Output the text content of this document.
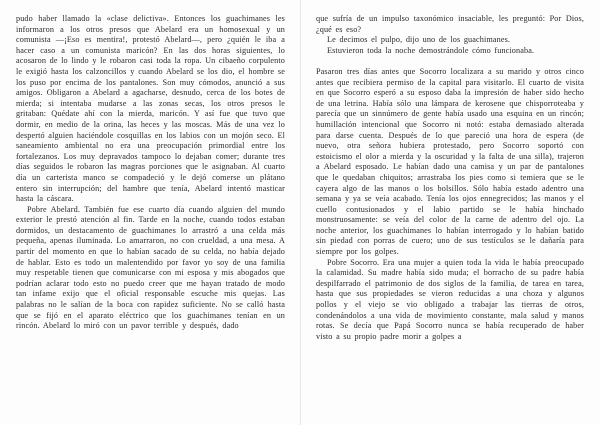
pudo haber llamado la «clase delictiva». Entonces los guachimanes les informaron a los otros presos que Abelard era un homosexual y un comunista —¡Eso es mentira!, protestó Abelard—, pero ¿quién le iba a hacer caso a un comunista maricón? En las dos horas siguientes, lo acosaron de lo lindo y le robaron casi toda la ropa. Un cibaeño corpulento le exigió hasta los calzoncillos y cuando Abelard se los dio, el hombre se los puso por encima de los pantalones. Son muy cómodos, anunció a sus amigos. Obligaron a Abelard a agacharse, desnudo, cerca de los botes de mierda; si intentaba mudarse a las zonas secas, los otros presos le gritaban: Quédate ahí con la mierda, maricón. Y así fue que tuvo que dormir, en medio de la orina, las heces y las moscas. Más de una vez lo despertó alguien haciéndole cosquillas en los labios con un mojón seco. El saneamiento ambiental no era una preocupación primordial entre los fortalezanos. Los muy depravados tampoco lo dejaban comer; durante tres días seguidos le robaron las magras porciones que le asignaban. Al cuarto día un carterista manco se compadeció y le dejó comerse un plátano entero sin interrupción; del hambre que tenía, Abelard intentó masticar hasta la cáscara.

Pobre Abelard. También fue ese cuarto día cuando alguien del mundo exterior le prestó atención al fin. Tarde en la noche, cuando todos estaban dormidos, un destacamento de guachimanes lo arrastró a una celda más pequeña, apenas iluminada. Lo amarraron, no con crueldad, a una mesa. A partir del momento en que lo habían sacado de su celda, no había dejado de hablar. Esto es todo un malentendido por favor yo soy de una familia muy respetable tienen que comunicarse con mi esposa y mis abogados que podrían aclarar todo esto no puedo creer que me hayan tratado de modo tan infame exijo que el oficial responsable escuche mis quejas. Las palabras no le salían de la boca con rapidez suficiente. No se calló hasta que se fijó en el aparato eléctrico que los guachimanes tenían en un rincón. Abelard lo miró con un pavor terrible y después, dado

que sufría de un impulso taxonómico insaciable, les preguntó: Por Dios, ¿qué es eso?

Le decimos el pulpo, dijo uno de los guachimanes.

Estuvieron toda la noche demostrándole cómo funcionaba.

Pasaron tres días antes que Socorro localizara a su marido y otros cinco antes que recibiera permiso de la capital para visitarlo. El cuarto de visita en que Socorro esperó a su esposo daba la impresión de haber sido hecho de una letrina. Había sólo una lámpara de kerosene que chisporroteaba y parecía que un sinnúmero de gente había usado una esquina en un rincón; humillación intencional que Socorro ni notó: estaba demasiado alterada para darse cuenta. Después de lo que pareció una hora de espera (de nuevo, otra señora hubiera protestado, pero Socorro soportó con estoicismo el olor a mierda y la oscuridad y la falta de una silla), trajeron a Abelard esposado. Le habían dado una camisa y un par de pantalones que le quedaban chiquitos; arrastraba los pies como si temiera que se le cayera algo de las manos o los bolsillos. Sólo había estado adentro una semana y ya se veía acabado. Tenía los ojos ennegrecidos; las manos y el cuello contusionados y el labio partido se le había hinchado monstruosamente: se veía del color de la carne de adentro del ojo. La noche anterior, los guachimanes lo habían interrogado y lo habían batido sin piedad con porras de cuero; uno de sus testículos se le dañaría para siempre por los golpes.

Pobre Socorro. Era una mujer a quien toda la vida le había preocupado la calamidad. Su madre había sido muda; el borracho de su padre había despilfarrado el patrimonio de dos siglos de la familia, de tarea en tarea, hasta que sus propiedades se vieron reducidas a una choza y algunos pollos y el viejo se vio obligado a trabajar las tierras de otros, condenándolos a una vida de movimiento constante, mala salud y manos rotas. Se decía que Papá Socorro nunca se había recuperado de haber visto a su propio padre morir a golpes a
